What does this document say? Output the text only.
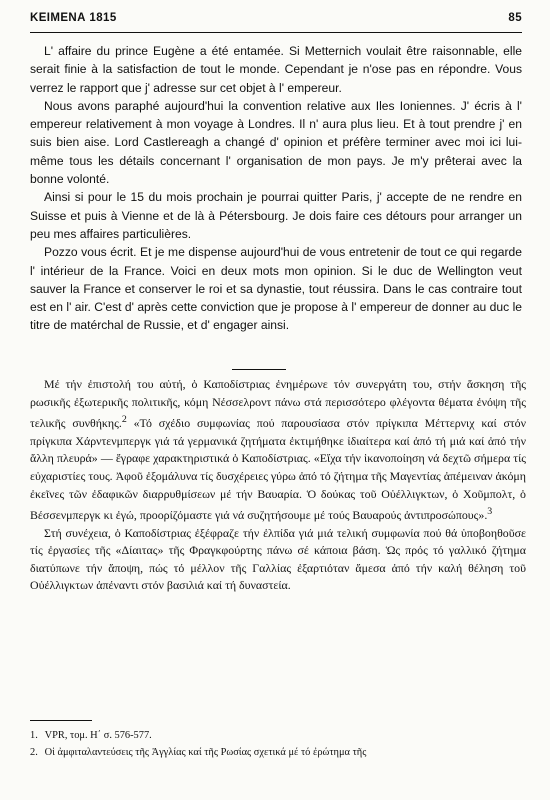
ΚΕΙΜΕΝΑ 1815	85

L' affaire du prince Eugène a été entamée. Si Metternich voulait être raisonnable, elle serait finie à la satisfaction de tout le monde. Cependant je n'ose pas en répondre. Vous verrez le rapport que j' adresse sur cet objet à l' empereur.

Nous avons paraphé aujourd'hui la convention relative aux Iles Ioniennes. J' écris à l' empereur relativement à mon voyage à Londres. Il n' aura plus lieu. Et à tout prendre j' en suis bien aise. Lord Castlereagh a changé d' opinion et préfère terminer avec moi ici lui-même tous les détails concernant l' organisation de mon pays. Je m'y prêterai avec la bonne volonté.

Ainsi si pour le 15 du mois prochain je pourrai quitter Paris, j' accepte de ne rendre en Suisse et puis à Vienne et de là à Pétersbourg. Je dois faire ces détours pour arranger un peu mes affaires particulières.

Pozzo vous écrit. Et je me dispense aujourd'hui de vous entretenir de tout ce qui regarde l' intérieur de la France. Voici en deux mots mon opinion. Si le duc de Wellington veut sauver la France et conserver le roi et sa dynastie, tout réussira. Dans le cas contraire tout est en l' air. C'est d' après cette conviction que je propose à l' empereur de donner au duc le titre de matérchal de Russie, et d' engager ainsi.

Μέ τήν ἐπιστολή του αὐτή, ὁ Καποδίστριας ἐνημέρωνε τόν συνεργάτη του, στήν ἄσκηση τῆς ρωσικῆς ἐξωτερικῆς πολιτικῆς, κόμη Νέσσελροντ πάνω στά περισσότερο φλέγοντα θέματα ἐνόψη τῆς τελικῆς συνθήκης.$^2$ «Τό σχέδιο συμφωνίας πού παρουσίασα στόν πρίγκιπα Μέττερνιχ καί στόν πρίγκιπα Χάρντενμπεργκ γιά τά γερμανικά ζητήματα ἐκτιμήθηκε ἰδιαίτερα καί ἀπό τή μιά καί ἀπό τήν ἄλλη πλευρά» — ἔγραφε χαρακτηριστικά ὁ Καποδίστριας. «Εἴχα τήν ἱκανοποίηση νά δεχτῶ σήμερα τίς εὐχαριστίες τους. Ἀφοῦ ἐξομάλυνα τίς δυσχέρειες γύρω ἀπό τό ζήτημα τῆς Μαγεντίας ἀπέμειναν ἀκόμη ἐκεῖνες τῶν ἐδαφικῶν διαρρυθμίσεων μέ τήν Βαυαρία. Ὁ δούκας τοῦ Οὐέλλιγκτων, ὁ Χοῦμπολτ, ὁ Βέσσενμπεργκ κι ἐγώ, προορίζόμαστε γιά νά συζητήσουμε μέ τούς Βαυαρούς ἀντιπροσώπους».$^3$

Στή συνέχεια, ὁ Καποδίστριας ἐξέφραζε τήν ἐλπίδα γιά μιά τελική συμφωνία πού θά ὑποβοηθοῦσε τίς ἐργασίες τῆς «Δίαιτας» τῆς Φραγκφούρτης πάνω σέ κάποια βάση. Ὡς πρός τό γαλλικό ζήτημα διατύπωνε τήν ἄποψη, πώς τό μέλλον τῆς Γαλλίας ἐξαρτιόταν ἄμεσα ἀπό τήν καλή θέληση τοῦ Οὐέλλιγκτων ἀπέναντι στόν βασιλιά καί τή δυναστεία.

1. VPR, τομ. Η΄ σ. 576-577.
2. Οἱ ἀμφιταλαντεύσεις τῆς Ἀγγλίας καί τῆς Ρωσίας σχετικά μέ τό ἐρώτημα τῆς
